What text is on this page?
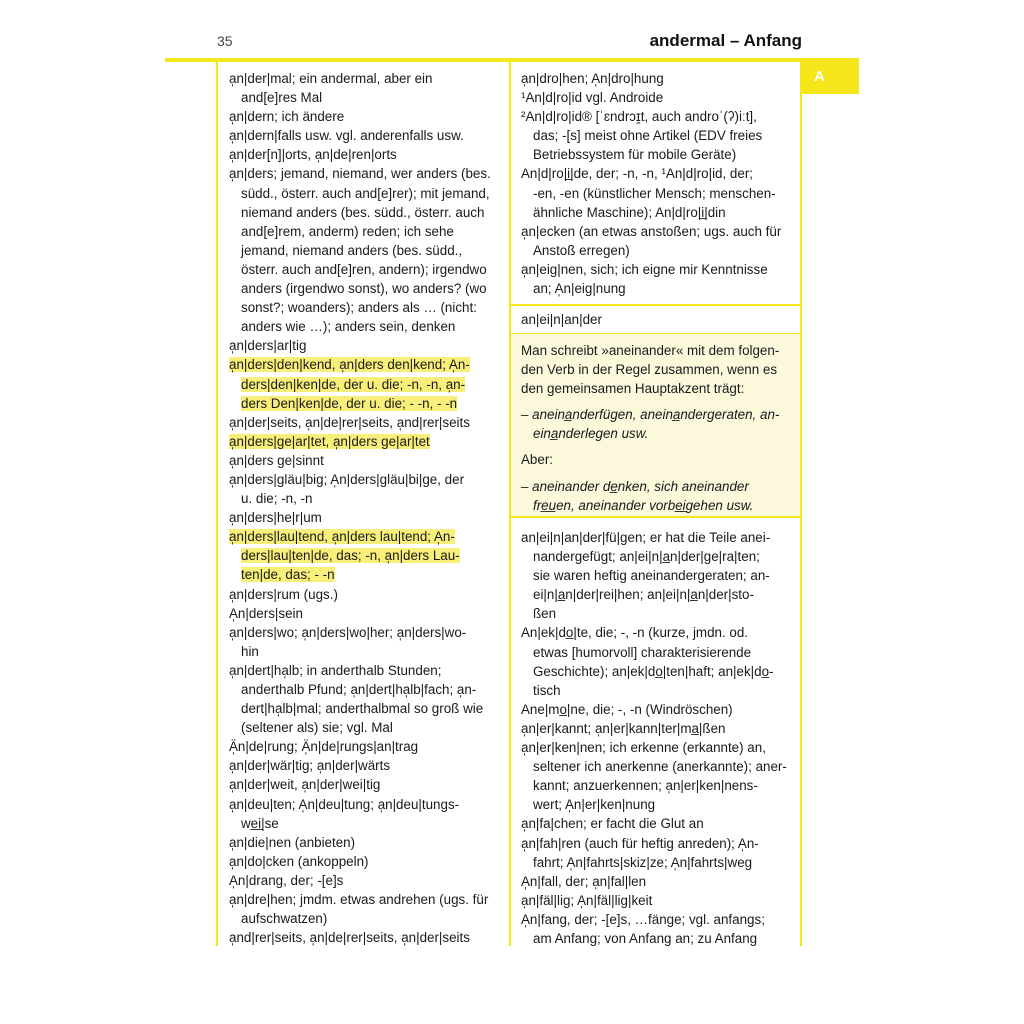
35	andermal – Anfang
A
a̩n|der|mal; ein andermal, aber ein
and[e]res Mal
a̩n|dern; ich ändere
a̩n|dern|falls usw. vgl. anderenfalls usw.
a̩n|der[n]|orts, a̩n|de|ren|orts
a̩n|ders; jemand, niemand, wer anders (bes.
südd., österr. auch and[e]rer); mit jemand,
niemand anders (bes. südd., österr. auch
and[e]rem, anderm) reden; ich sehe
jemand, niemand anders (bes. südd.,
österr. auch and[e]ren, andern); irgendwo
anders (irgendwo sonst), wo anders? (wo
sonst?; woanders); anders als … (nicht:
anders wie …); anders sein, denken
a̩n|ders|ar|tig
a̩n|ders|den|kend, a̩n|ders den|kend; A̩n-
ders|den|ken|de, der u. die; -n, -n, a̩n-
ders Den|ken|de, der u. die; - -n, - -n
a̩n|der|seits, a̩n|de|rer|seits, a̩nd|rer|seits
a̩n|ders|ge|ar|tet, a̩n|ders ge|ar|tet
a̩n|ders ge|sinnt
a̩n|ders|gläu|big; A̩n|ders|gläu|bi|ge, der
u. die; -n, -n
a̩n|ders|he|r|um
a̩n|ders|lau|tend, a̩n|ders lau|tend; A̩n-
ders|lau|ten|de, das; -n, a̩n|ders Lau-
ten|de, das; - -n
a̩n|ders|rum (ugs.)
A̩n|ders|sein
a̩n|ders|wo; a̩n|ders|wo|her; a̩n|ders|wo-
hin
a̩n|dert|ha̩lb; in anderthalb Stunden;
anderthalb Pfund; a̩n|dert|ha̩lb|fach; a̩n-
dert|ha̩lb|mal; anderthalbmal so groß wie
(seltener als) sie; vgl. Mal
Ä̩n|de|rung; Ä̩n|de|rungs|an|trag
a̩n|der|wär|tig; a̩n|der|wärts
a̩n|der|weit, a̩n|der|wei|tig
a̩n|deu|ten; A̩n|deu|tung; a̩n|deu|tungs-
we̲i̲|se
a̩n|die|nen (anbieten)
a̩n|do|cken (ankoppeln)
A̩n|drang, der; -[e]s
a̩n|dre|hen; jmdm. etwas andrehen (ugs. für
aufschwatzen)
a̩nd|rer|seits, a̩n|de|rer|seits, a̩n|der|seits
a̩n|dro|hen; A̩n|dro|hung
¹An|d|ro|id vgl. Androide
²An|d|ro|id® [ˈɛndrɔɪ̯t, auch androˈ(ʔ)iːt],
das; -[s] meist ohne Artikel (EDV freies
Betriebssystem für mobile Geräte)
An|d|ro|i̲|de, der; -n, -n, ¹An|d|ro|id, der;
-en, -en (künstlicher Mensch; menschen-
ähnliche Maschine); An|d|ro|i̲|din
a̩n|ecken (an etwas anstoßen; ugs. auch für
Anstoß erregen)
a̩n|eig|nen, sich; ich eigne mir Kenntnisse
an; A̩n|eig|nung
an|ei|n|an|der
Man schreibt »aneinander« mit dem folgen-
den Verb in der Regel zusammen, wenn es
den gemeinsamen Hauptakzent trägt:
– aneina̲nderfügen, aneina̲ndergeraten, an-
eina̲nderlegen usw.
Aber:
– aneinander de̲nken, sich aneinander
fre̲u̲en, aneinander vorbe̲i̲gehen usw.
an|ei|n|an|der|fü|gen; er hat die Teile anei-
nandergefügt; an|ei|n|a̲n|der|ge|ra|ten;
sie waren heftig aneinandergeraten; an-
ei|n|a̲n|der|rei|hen; an|ei|n|a̲n|der|sto-
ßen
An|ek|do̲|te, die; -, -n (kurze, jmdn. od.
etwas [humorvoll] charakterisierende
Geschichte); an|ek|do̲|ten|haft; an|ek|do̲-
tisch
Ane|mo̲|ne, die; -, -n (Windröschen)
a̩n|er|kannt; a̩n|er|kann|ter|ma̲|ßen
a̩n|er|ken|nen; ich erkenne (erkannte) an,
seltener ich anerkenne (anerkannte); aner-
kannt; anzuerkennen; a̩n|er|ken|nens-
wert; A̩n|er|ken|nung
a̩n|fa|chen; er facht die Glut an
a̩n|fah|ren (auch für heftig anreden); A̩n-
fahrt; A̩n|fahrts|skiz|ze; A̩n|fahrts|weg
A̩n|fall, der; a̩n|fal|len
a̩n|fäl|lig; A̩n|fäl|lig|keit
A̩n|fang, der; -[e]s, …fänge; vgl. anfangs;
am Anfang; von Anfang an; zu Anfang
